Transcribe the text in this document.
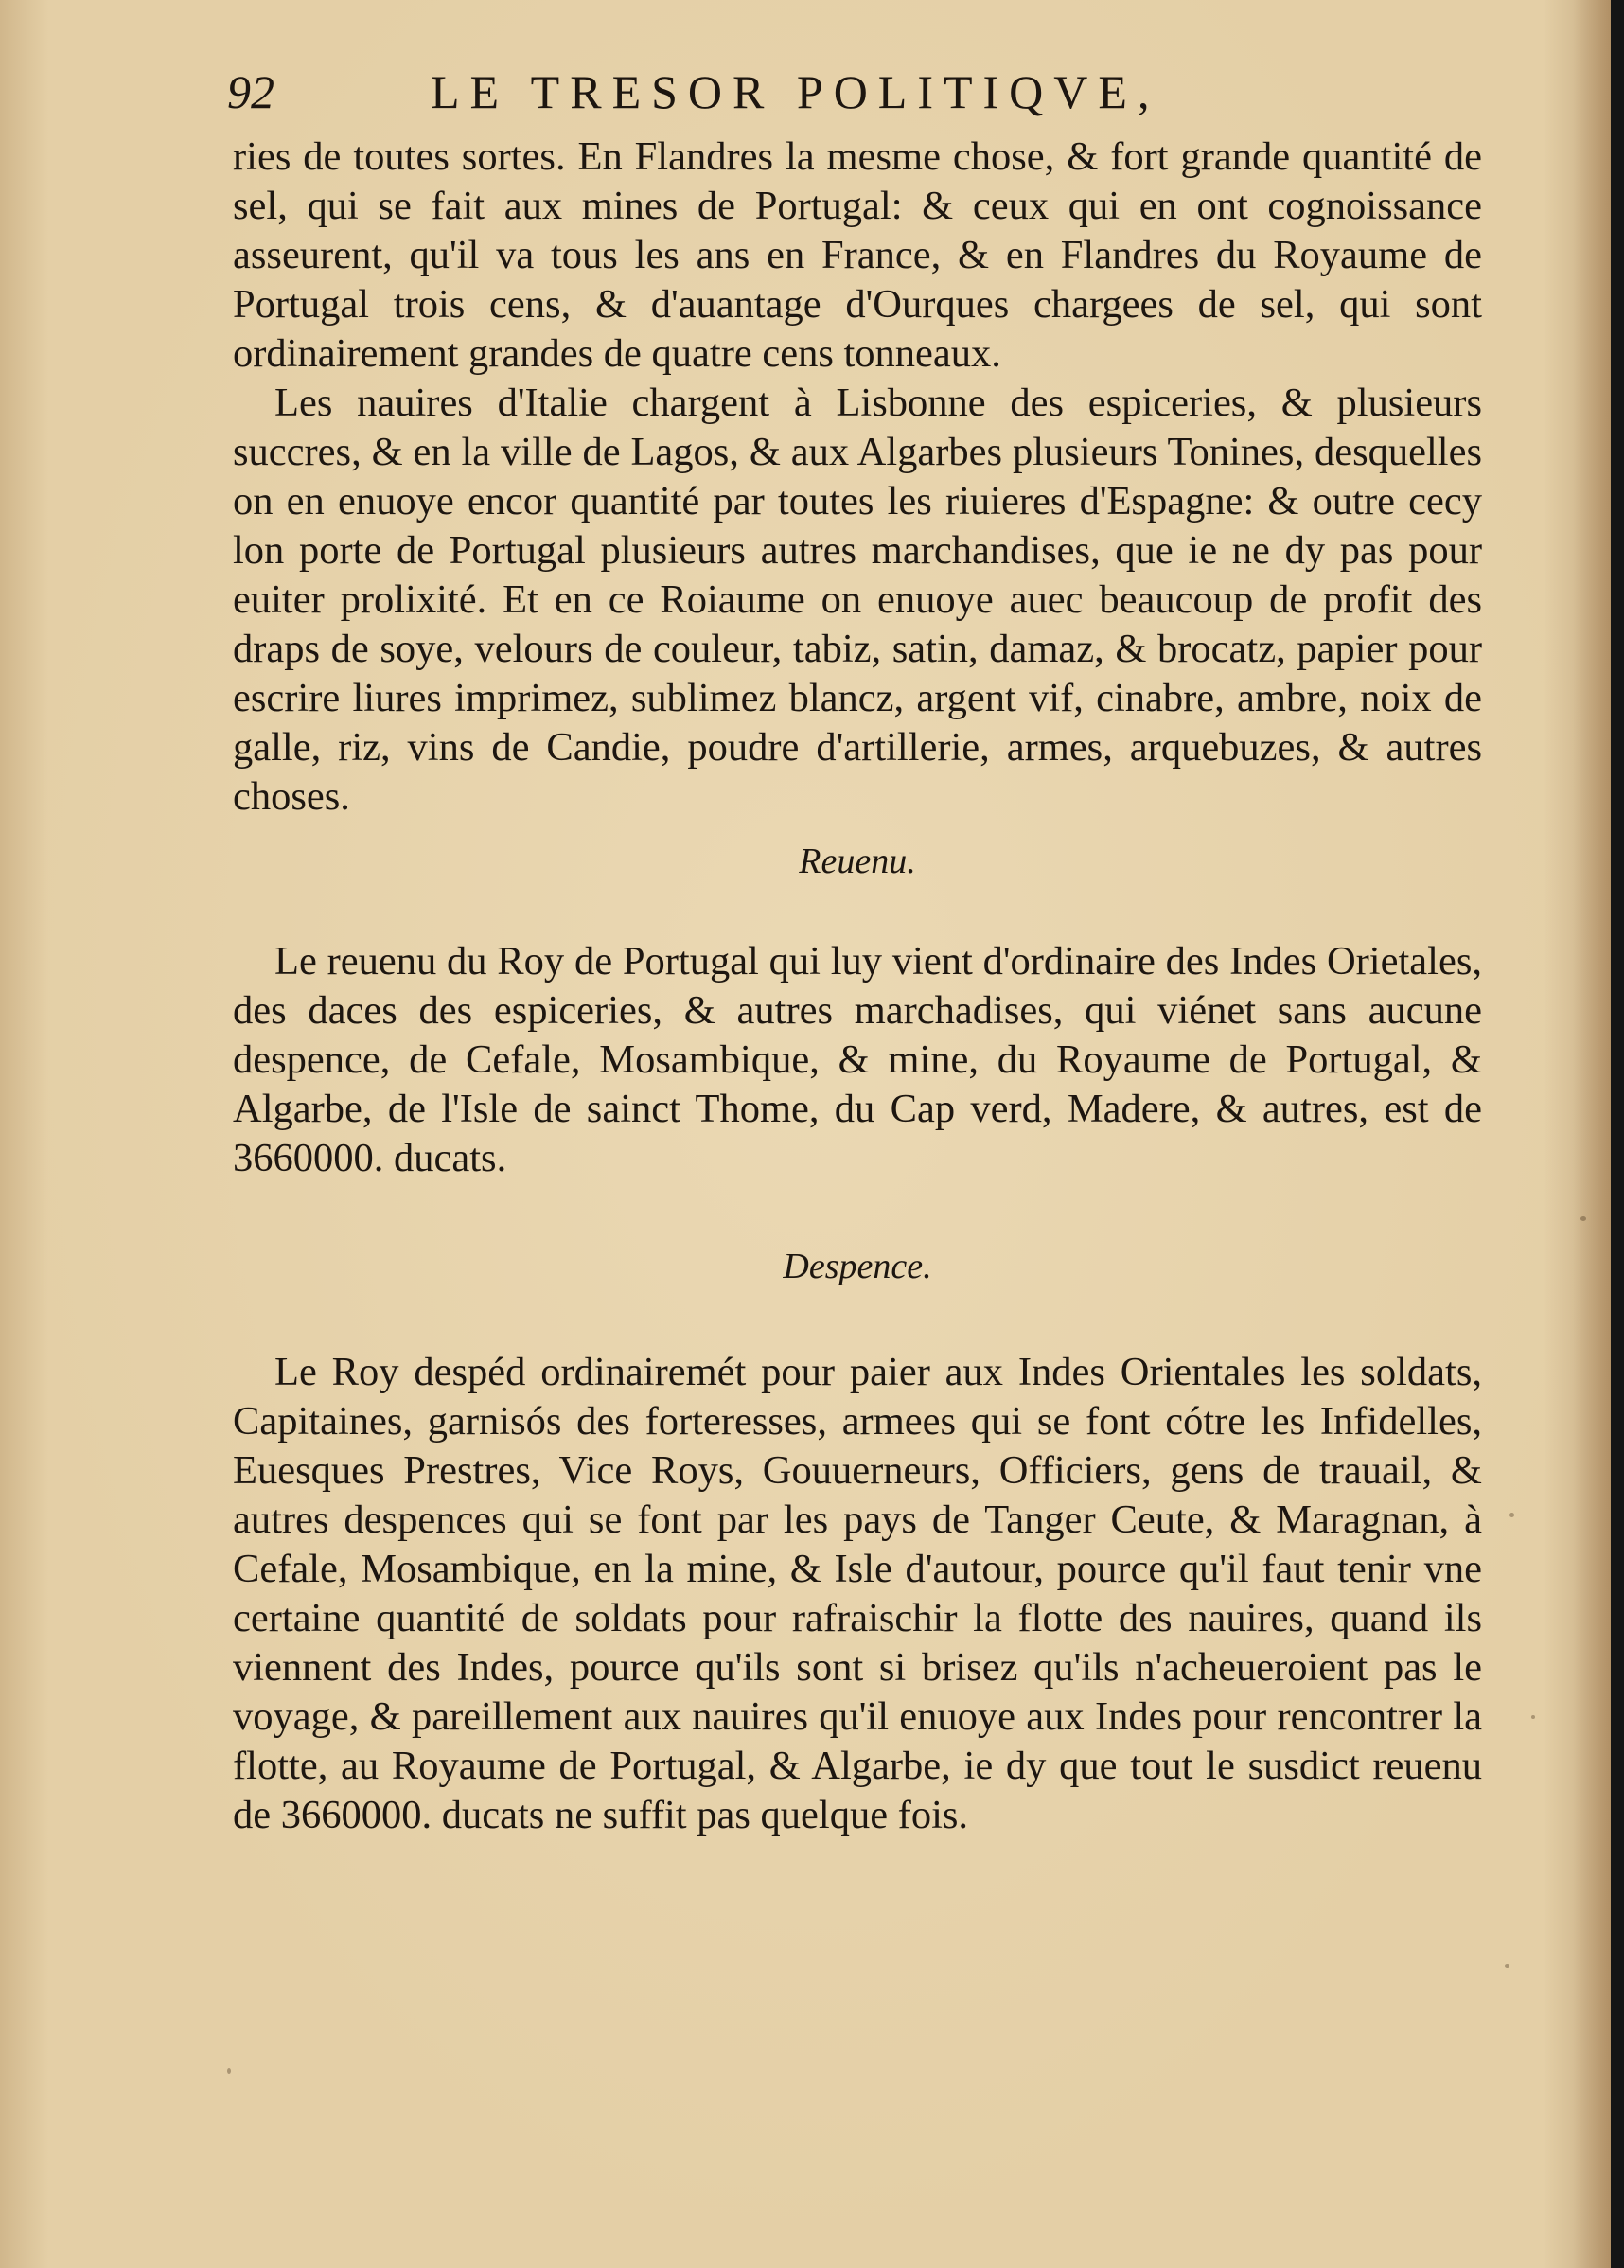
92	LE TRESOR POLITIQVE,

ries de toutes sortes. En Flandres la mesme chose, & fort grande quantité de sel, qui se fait aux mines de Portugal: & ceux qui en ont cognoissance asseurent, qu'il va tous les ans en France, & en Flandres du Royaume de Portugal trois cens, & d'auantage d'Ourques chargees de sel, qui sont ordinairement grandes de quatre cens tonneaux.

Les nauires d'Italie chargent à Lisbonne des espiceries, & plusieurs succres, & en la ville de Lagos, & aux Algarbes plusieurs Tonines, desquelles on en enuoye encor quantité par toutes les riuieres d'Espagne: & outre cecy lon porte de Portugal plusieurs autres marchandises, que ie ne dy pas pour euiter prolixité. Et en ce Roiaume on enuoye auec beaucoup de profit des draps de soye, velours de couleur, tabiz, satin, damaz, & brocatz, papier pour escrire liures imprimez, sublimez blancz, argent vif, cinabre, ambre, noix de galle, riz, vins de Candie, poudre d'artillerie, armes, arquebuzes, & autres choses.

Reuenu.

Le reuenu du Roy de Portugal qui luy vient d'ordinaire des Indes Orietales, des daces des espiceries, & autres marchadises, qui viénet sans aucune despence, de Cefale, Mosambique, & mine, du Royaume de Portugal, & Algarbe, de l'Isle de sainct Thome, du Cap verd, Madere, & autres, est de 3660000. ducats.

Despence.

Le Roy despéd ordinairemét pour paier aux Indes Orientales les soldats, Capitaines, garnisós des forteresses, armees qui se font cótre les Infidelles, Euesques Prestres, Vice Roys, Gouuerneurs, Officiers, gens de trauail, & autres despences qui se font par les pays de Tanger Ceute, & Maragnan, à Cefale, Mosambique, en la mine, & Isle d'autour, pource qu'il faut tenir vne certaine quantité de soldats pour rafraischir la flotte des nauires, quand ils viennent des Indes, pource qu'ils sont si brisez qu'ils n'acheueroient pas le voyage, & pareillement aux nauires qu'il enuoye aux Indes pour rencontrer la flotte, au Royaume de Portugal, & Algarbe, ie dy que tout le susdict reuenu de 3660000. ducats ne suffit pas quelque fois.
